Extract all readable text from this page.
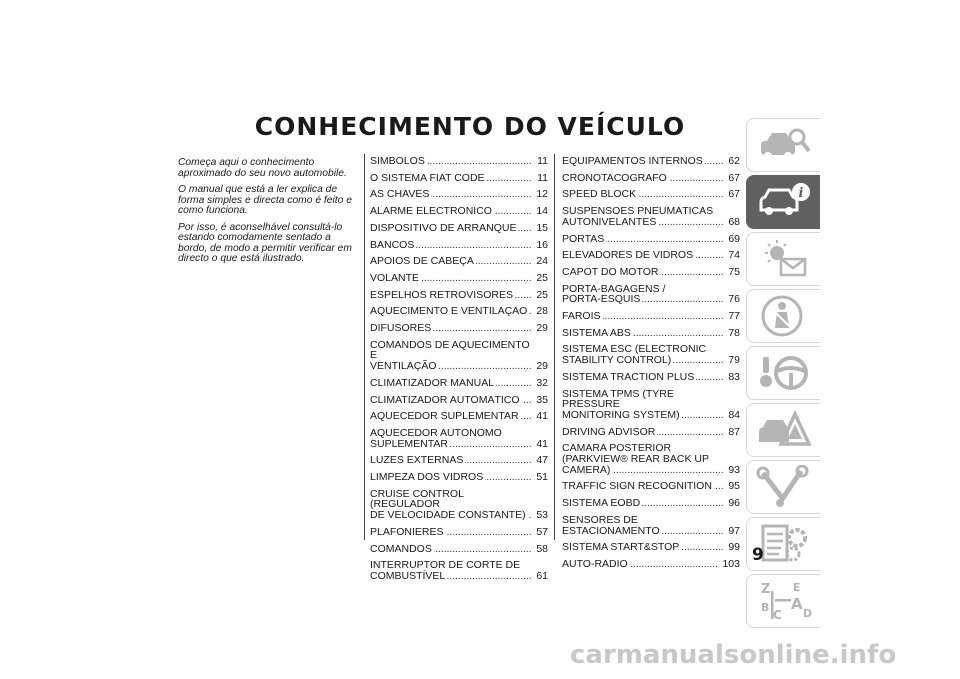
CONHECIMENTO DO VEÍCULO

Começa aqui o conhecimento aproximado do seu novo automobile.

O manual que está a ler explica de forma simples e directa como é feito e como funciona.

Por isso, é aconselhável consultá-lo estando comodamente sentado a bordo, de modo a permitir verificar em directo o que está ilustrado.

SÍMBOLOS . . .	11
O SISTEMA FIAT CODE . . .	11
AS CHAVES . . .	12
ALARME ELECTRÓNICO . . .	14
DISPOSITIVO DE ARRANQUE . . .	15
BANCOS . . .	16
APOIOS DE CABEÇA . . .	24
VOLANTE . . .	25
ESPELHOS RETROVISORES . . .	25
AQUECIMENTO E VENTILAÇÃO . . . 28
DIFUSORES . . .	29
COMANDOS DE AQUECIMENTO E
VENTILAÇÃO . . .	29
CLIMATIZADOR MANUAL . . .	32
CLIMATIZADOR AUTOMÁTICO . . .	35
AQUECEDOR SUPLEMENTAR . . .	41
AQUECEDOR AUTÓNOMO
SUPLEMENTAR . . .	41
LUZES EXTERNAS . . .	47
LIMPEZA DOS VIDROS . . .	51
CRUISE CONTROL (REGULADOR
DE VELOCIDADE CONSTANTE) . . .	53
PLAFONIERES . . .	57
COMANDOS . . .	58
INTERRUPTOR DE CORTE DE
COMBUSTÍVEL . . .	61
EQUIPAMENTOS INTERNOS . . .	62
CRONOTACÓGRAFO . . .	67
SPEED BLOCK . . .	67
SUSPENSÕES PNEUMÁTICAS
AUTONIVELANTES . . .	68
PORTAS . . .	69
ELEVADORES DE VIDROS . . .	74
CAPOT DO MOTOR . . .	75
PORTA-BAGAGENS /
PORTA-ESQUIS . . .	76
FARÓIS . . .	77
SISTEMA ABS . . .	78
SISTEMA ESC (ELECTRONIC
STABILITY CONTROL) . . .	79
SISTEMA TRACTION PLUS . . .	83
SISTEMA TPMS (TYRE PRESSURE
MONITORING SYSTEM) . . .	84
DRIVING ADVISOR . . .	87
CÂMARA POSTERIOR
(PARKVIEW® REAR BACK UP
CAMERA) . . .	93
TRAFFIC SIGN RECOGNITION . . .	95
SISTEMA EOBD . . .	96
SENSORES DE
ESTACIONAMENTO . . .	97
SISTEMA START&STOP . . .	99
AUTO-RÁDIO . . .	103
i
Z E
B A
C D
9
carmanualsonline.info
